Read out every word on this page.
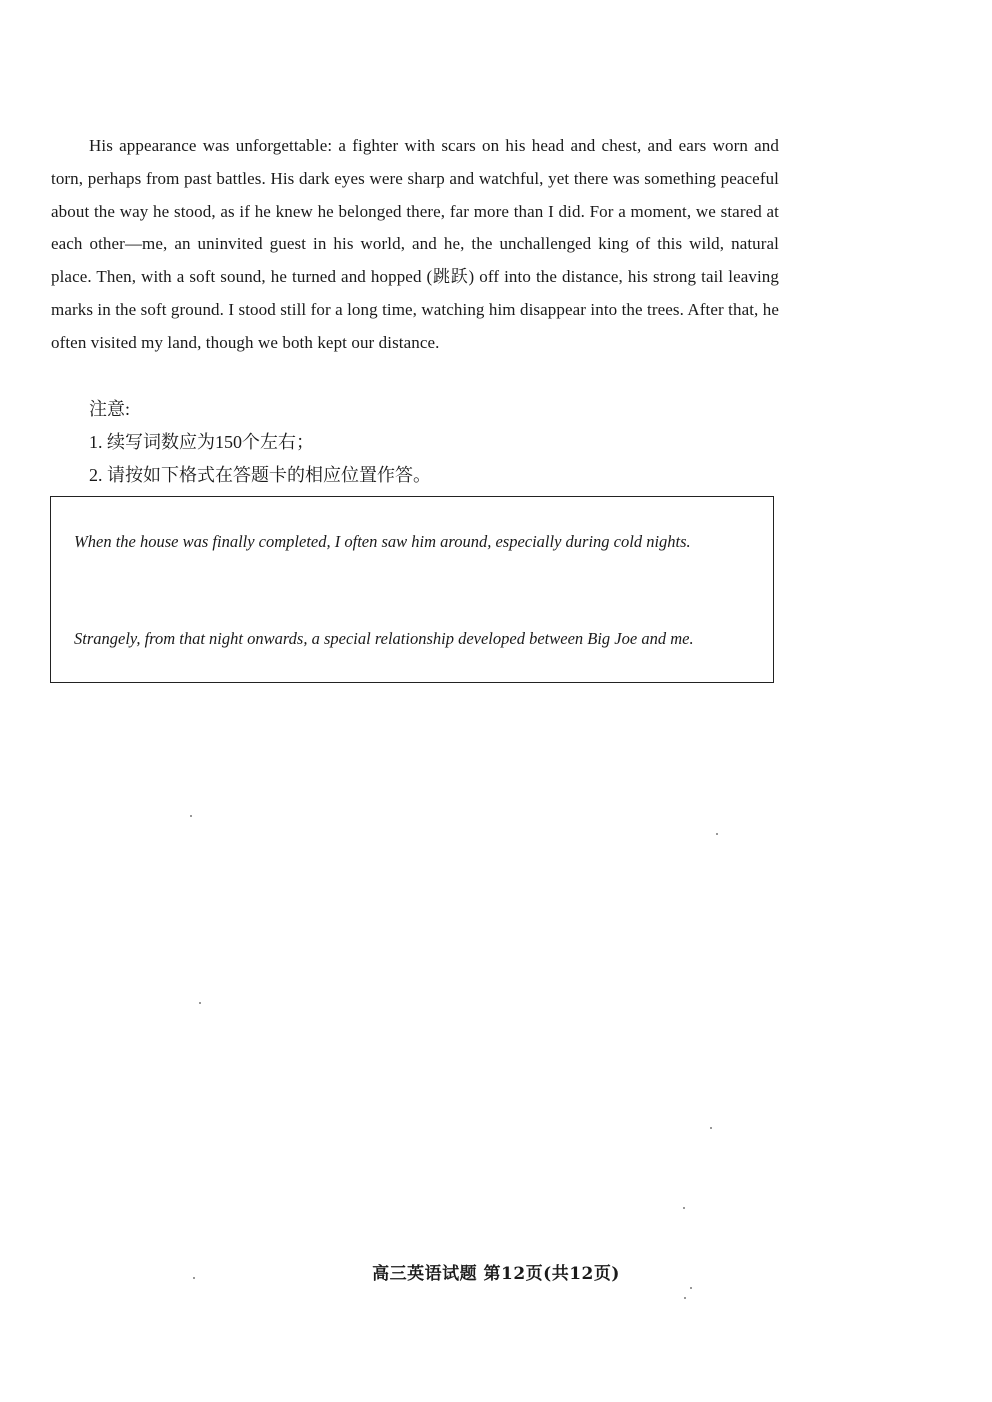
His appearance was unforgettable: a fighter with scars on his head and chest, and ears worn and torn, perhaps from past battles. His dark eyes were sharp and watchful, yet there was something peaceful about the way he stood, as if he knew he belonged there, far more than I did. For a moment, we stared at each other—me, an uninvited guest in his world, and he, the unchallenged king of this wild, natural place. Then, with a soft sound, he turned and hopped (跳跃) off into the distance, his strong tail leaving marks in the soft ground. I stood still for a long time, watching him disappear into the trees. After that, he often visited my land, though we both kept our distance.

注意:
1. 续写词数应为150个左右；
2. 请按如下格式在答题卡的相应位置作答。
When the house was finally completed, I often saw him around, especially during cold nights.
Strangely, from that night onwards, a special relationship developed between Big Joe and me.
高三英语试题 第12页(共12页)
